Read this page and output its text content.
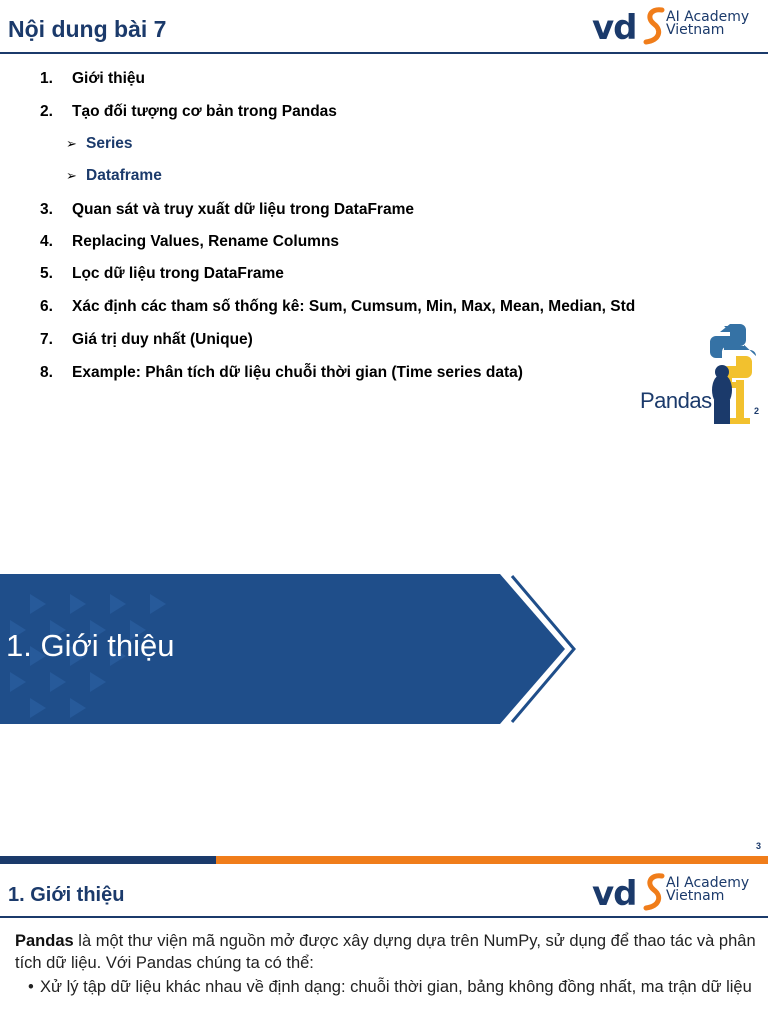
Nội dung bài 7	vd AI Academy
Vietnam
1. Giới thiệu
2. Tạo đối tượng cơ bản trong Pandas
➢ Series
➢ Dataframe
3. Quan sát và truy xuất dữ liệu trong DataFrame
4. Replacing Values, Rename Columns
5. Lọc dữ liệu trong DataFrame
6. Xác định các tham số thống kê: Sum, Cumsum, Min, Max, Mean, Median, Std
7. Giá trị duy nhất (Unique)
8. Example: Phân tích dữ liệu chuỗi thời gian (Time series data)
Pandas	2
1. Giới thiệu
3
1. Giới thiệu	vd AI Academy
Vietnam
Pandas là một thư viện mã nguồn mở được xây dựng dựa trên NumPy, sử dụng để thao tác và phân tích dữ liệu. Với Pandas chúng ta có thể:
• Xử lý tập dữ liệu khác nhau về định dạng: chuỗi thời gian, bảng không đồng nhất, ma trận dữ liệu
